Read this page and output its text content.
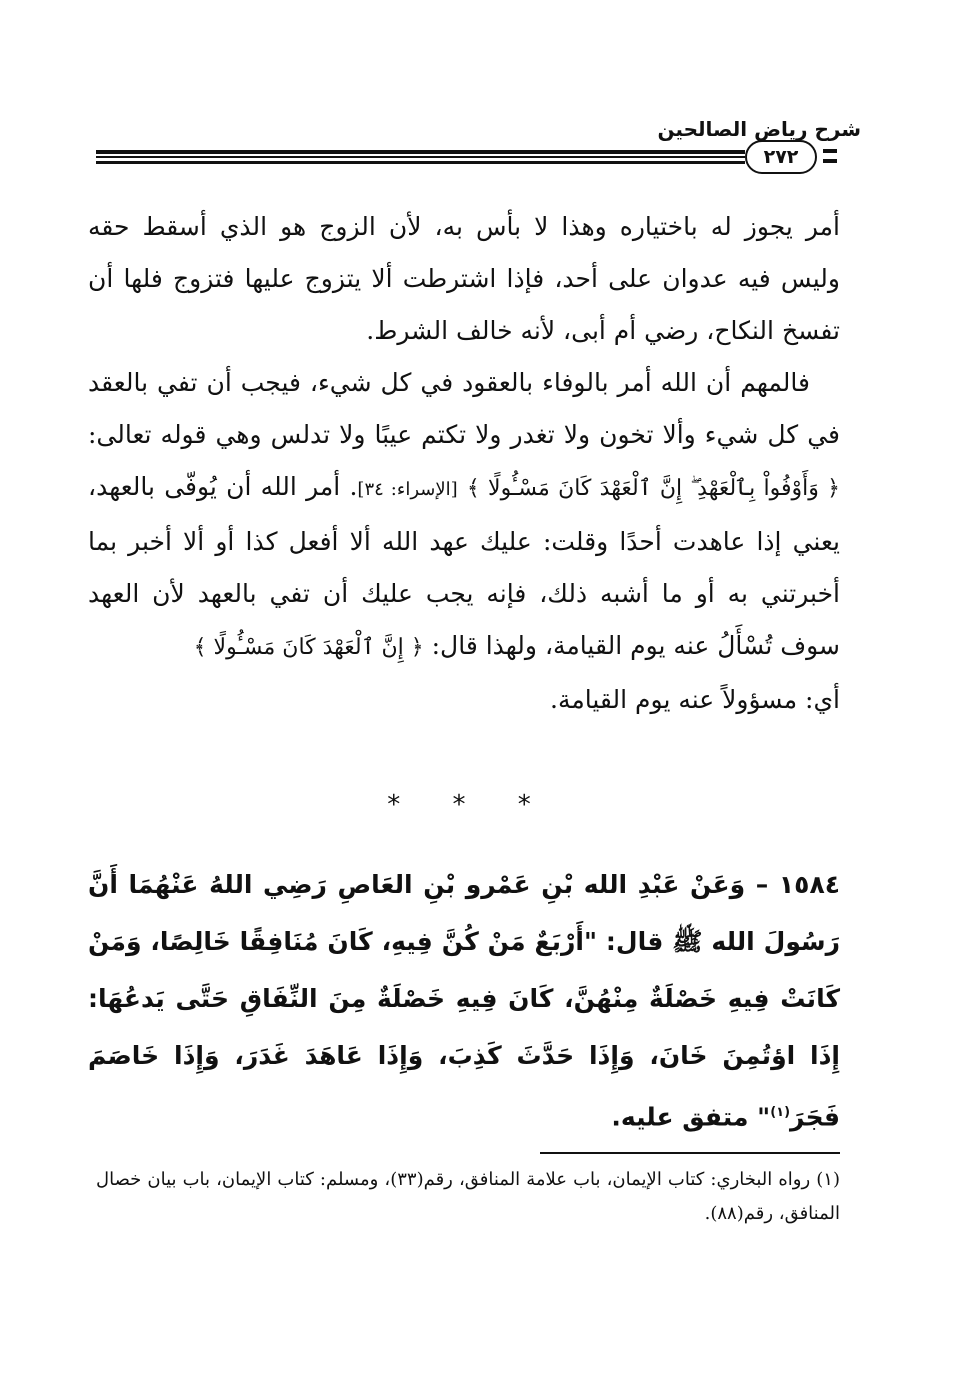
شرح رياض الصالحين
٢٧٢

أمر يجوز له باختياره وهذا لا بأس به، لأن الزوج هو الذي أسقط حقه وليس فيه عدوان على أحد، فإذا اشترطت ألا يتزوج عليها فتزوج فلها أن تفسخ النكاح، رضي أم أبى، لأنه خالف الشرط.

فالمهم أن الله أمر بالوفاء بالعقود في كل شيء، فيجب أن تفي بالعقد في كل شيء وألا تخون ولا تغدر ولا تكتم عيبًا ولا تدلس وهي قوله تعالى: ﴿ وَأَوْفُواْ بِٱلْعَهْدِ ۖ إِنَّ ٱلْعَهْدَ كَانَ مَسْـُٔولًا ﴾ [الإسراء: ٣٤]. أمر الله أن يُوفّى بالعهد، يعني إذا عاهدت أحدًا وقلت: عليك عهد الله ألا أفعل كذا أو ألا أخبر بما أخبرتني به أو ما أشبه ذلك، فإنه يجب عليك أن تفي بالعهد لأن العهد سوف تُسْأَلُ عنه يوم القيامة، ولهذا قال: ﴿ إِنَّ ٱلْعَهْدَ كَانَ مَسْـُٔولًا ﴾
أي: مسؤولاً عنه يوم القيامة.

* * *

١٥٨٤ – وَعَنْ عَبْدِ الله بْنِ عَمْرو بْنِ العَاصِ رَضِي اللهُ عَنْهُمَا أَنَّ رَسُولَ الله ﷺ قال: "أَرْبَعٌ مَنْ كُنَّ فِيهِ، كَانَ مُنَافِقًا خَالِصًا، وَمَنْ كَانَتْ فِيهِ خَصْلَةٌ مِنْهُنَّ، كَانَ فِيهِ خَصْلَةٌ مِنَ النِّفَاقِ حَتَّى يَدعُهَا: إِذَا اؤتُمِنَ خَانَ، وَإِذَا حَدَّثَ كَذِبَ، وَإِذَا عَاهَدَ غَدَرَ، وَإِذَا خَاصَمَ فَجَرَ$^{(١)}$" متفق عليه.

(١) رواه البخاري: كتاب الإيمان، باب علامة المنافق، رقم(٣٣)، ومسلم: كتاب الإيمان، باب بيان خصال المنافق، رقم(٨٨).
